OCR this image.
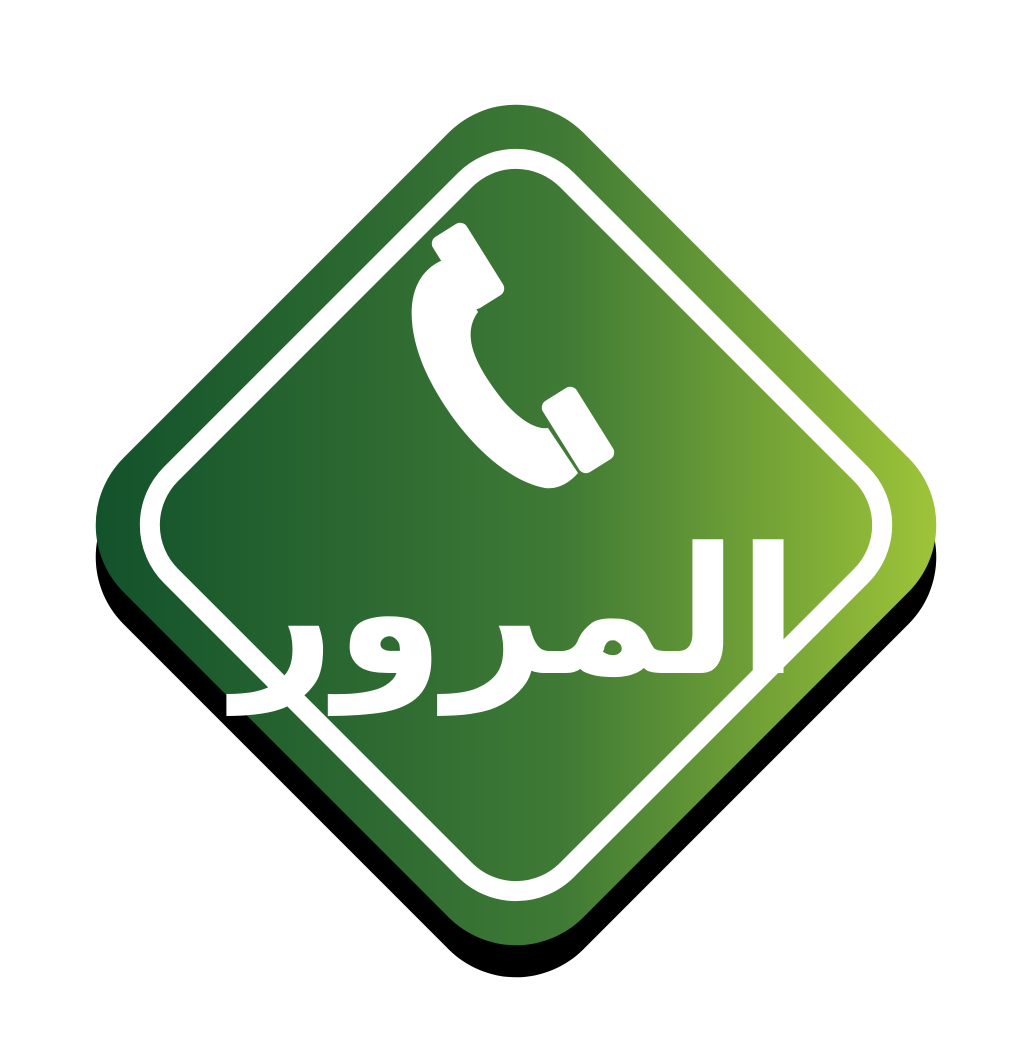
المرور
